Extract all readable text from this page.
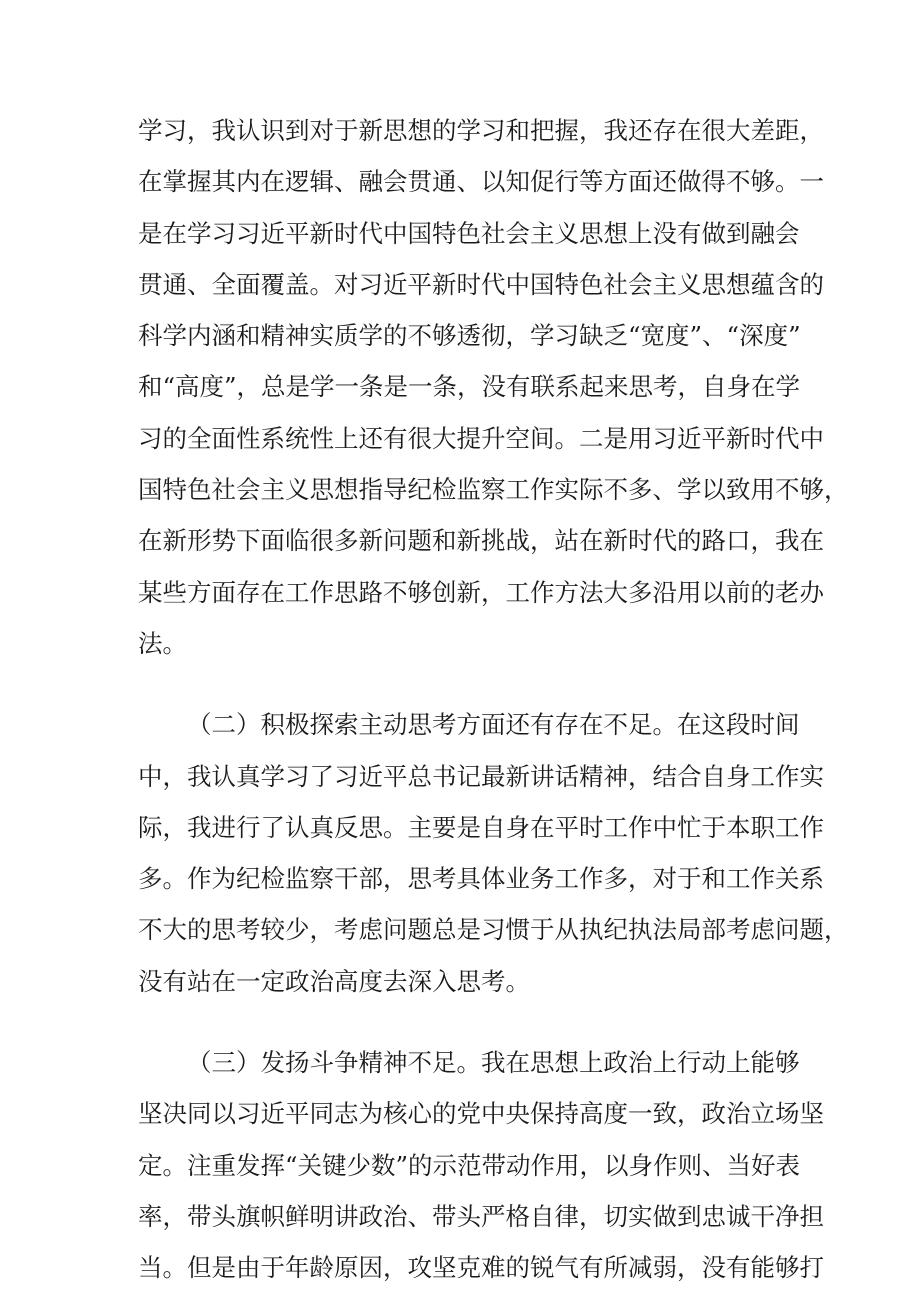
学习，我认识到对于新思想的学习和把握，我还存在很大差距，
在掌握其内在逻辑、融会贯通、以知促行等方面还做得不够。一
是在学习习近平新时代中国特色社会主义思想上没有做到融会
贯通、全面覆盖。对习近平新时代中国特色社会主义思想蕴含的
科学内涵和精神实质学的不够透彻，学习缺乏“宽度”、“深度”
和“高度”，总是学一条是一条，没有联系起来思考，自身在学
习的全面性系统性上还有很大提升空间。二是用习近平新时代中
国特色社会主义思想指导纪检监察工作实际不多、学以致用不够，
在新形势下面临很多新问题和新挑战，站在新时代的路口，我在
某些方面存在工作思路不够创新，工作方法大多沿用以前的老办
法。
（二）积极探索主动思考方面还有存在不足。在这段时间
中，我认真学习了习近平总书记最新讲话精神，结合自身工作实
际，我进行了认真反思。主要是自身在平时工作中忙于本职工作
多。作为纪检监察干部，思考具体业务工作多，对于和工作关系
不大的思考较少，考虑问题总是习惯于从执纪执法局部考虑问题，
没有站在一定政治高度去深入思考。
（三）发扬斗争精神不足。我在思想上政治上行动上能够
坚决同以习近平同志为核心的党中央保持高度一致，政治立场坚
定。注重发挥“关键少数”的示范带动作用，以身作则、当好表
率，带头旗帜鲜明讲政治、带头严格自律，切实做到忠诚干净担
当。但是由于年龄原因，攻坚克难的锐气有所减弱，没有能够打
